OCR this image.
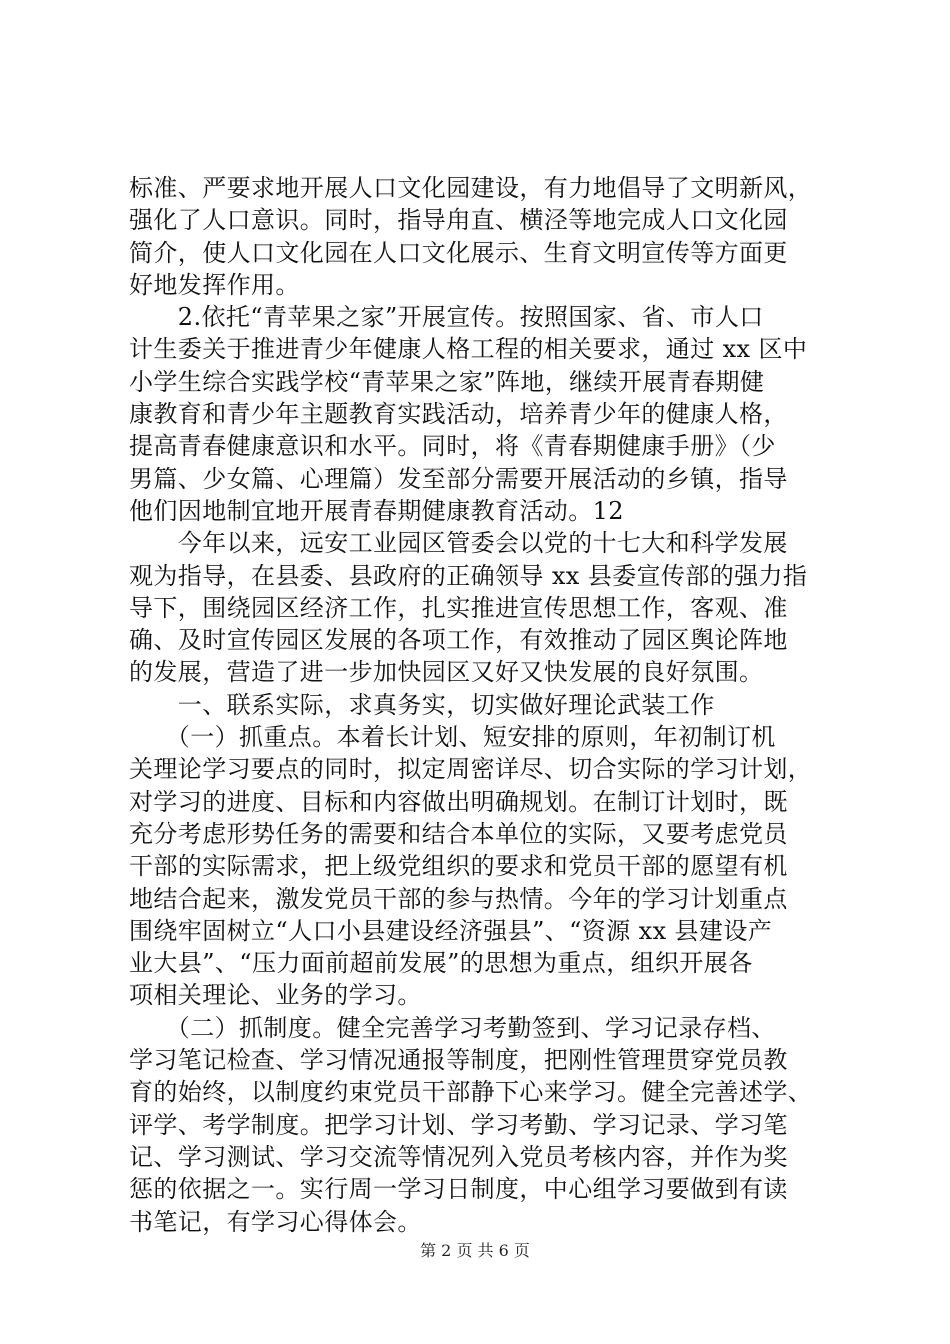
标准、严要求地开展人口文化园建设，有力地倡导了文明新风，
强化了人口意识。同时，指导甪直、横泾等地完成人口文化园
简介，使人口文化园在人口文化展示、生育文明宣传等方面更
好地发挥作用。
　　2.依托“青苹果之家”开展宣传。按照国家、省、市人口
计生委关于推进青少年健康人格工程的相关要求，通过 xx 区中
小学生综合实践学校“青苹果之家”阵地，继续开展青春期健
康教育和青少年主题教育实践活动，培养青少年的健康人格，
提高青春健康意识和水平。同时，将《青春期健康手册》（少
男篇、少女篇、心理篇）发至部分需要开展活动的乡镇，指导
他们因地制宜地开展青春期健康教育活动。12
　　今年以来，远安工业园区管委会以党的十七大和科学发展
观为指导，在县委、县政府的正确领导 xx 县委宣传部的强力指
导下，围绕园区经济工作，扎实推进宣传思想工作，客观、准
确、及时宣传园区发展的各项工作，有效推动了园区舆论阵地
的发展，营造了进一步加快园区又好又快发展的良好氛围。
　　一、联系实际，求真务实，切实做好理论武装工作
　　（一）抓重点。本着长计划、短安排的原则，年初制订机
关理论学习要点的同时，拟定周密详尽、切合实际的学习计划，
对学习的进度、目标和内容做出明确规划。在制订计划时，既
充分考虑形势任务的需要和结合本单位的实际，又要考虑党员
干部的实际需求，把上级党组织的要求和党员干部的愿望有机
地结合起来，激发党员干部的参与热情。今年的学习计划重点
围绕牢固树立“人口小县建设经济强县”、“资源 xx 县建设产
业大县”、“压力面前超前发展”的思想为重点，组织开展各
项相关理论、业务的学习。
　　（二）抓制度。健全完善学习考勤签到、学习记录存档、
学习笔记检查、学习情况通报等制度，把刚性管理贯穿党员教
育的始终，以制度约束党员干部静下心来学习。健全完善述学、
评学、考学制度。把学习计划、学习考勤、学习记录、学习笔
记、学习测试、学习交流等情况列入党员考核内容，并作为奖
惩的依据之一。实行周一学习日制度，中心组学习要做到有读
书笔记，有学习心得体会。
第 2 页 共 6 页
